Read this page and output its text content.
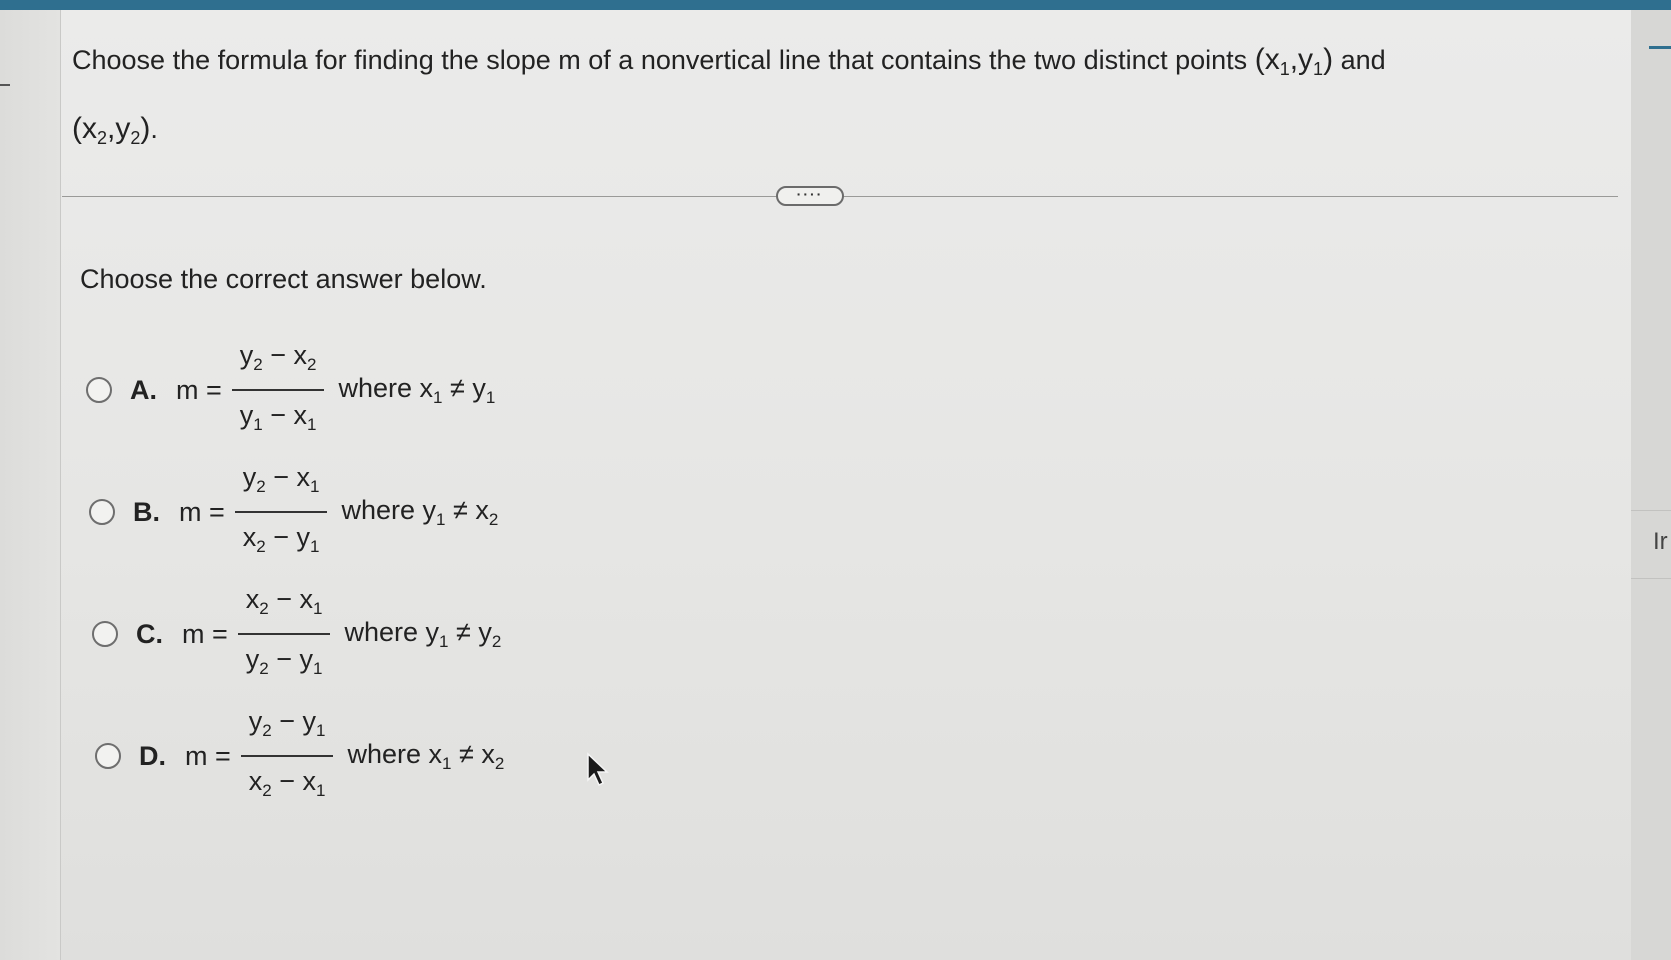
Ir
Choose the formula for finding the slope m of a nonvertical line that contains the two distinct points $(x_1,y_1)$ and
$(x_2,y_2)$.
····
Choose the correct answer below.
A. $m = \frac{y_2 - x_2}{y_1 - x_1}$ where $x_1 \ne y_1$
B. $m = \frac{y_2 - x_1}{x_2 - y_1}$ where $y_1 \ne x_2$
C. $m = \frac{x_2 - x_1}{y_2 - y_1}$ where $y_1 \ne y_2$
D. $m = \frac{y_2 - y_1}{x_2 - x_1}$ where $x_1 \ne x_2$
